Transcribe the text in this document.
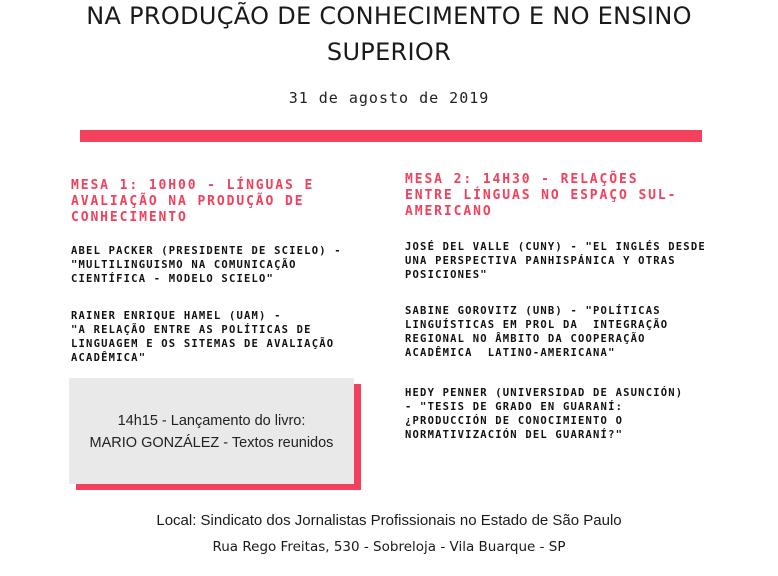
NA PRODUÇÃO DE CONHECIMENTO E NO ENSINO
SUPERIOR
31 de agosto de 2019
MESA 1: 10H00 - LÍNGUAS E
AVALIAÇÃO NA PRODUÇÃO DE
CONHECIMENTO

ABEL PACKER (PRESIDENTE DE SCIELO) -
"MULTILINGUISMO NA COMUNICAÇÃO
CIENTÍFICA - MODELO SCIELO"

RAINER ENRIQUE HAMEL (UAM) -
"A RELAÇÃO ENTRE AS POLÍTICAS DE
LINGUAGEM E OS SITEMAS DE AVALIAÇÃO
ACADÊMICA"

MESA 2: 14H30 - RELAÇÕES
ENTRE LÍNGUAS NO ESPAÇO SUL-
AMERICANO

JOSÉ DEL VALLE (CUNY) - "EL INGLÉS DESDE
UNA PERSPECTIVA PANHISPÁNICA Y OTRAS
POSICIONES"

SABINE GOROVITZ (UNB) - "POLÍTICAS
LINGUÍSTICAS EM PROL DA  INTEGRAÇÃO
REGIONAL NO ÂMBITO DA COOPERAÇÃO
ACADÊMICA  LATINO-AMERICANA"

HEDY PENNER (UNIVERSIDAD DE ASUNCIÓN)
- "TESIS DE GRADO EN GUARANÍ:
¿PRODUCCIÓN DE CONOCIMIENTO O
NORMATIVIZACIÓN DEL GUARANÍ?"

14h15 - Lançamento do livro:
MARIO GONZÁLEZ - Textos reunidos
Local: Sindicato dos Jornalistas Profissionais no Estado de São Paulo
Rua Rego Freitas, 530 - Sobreloja - Vila Buarque - SP
